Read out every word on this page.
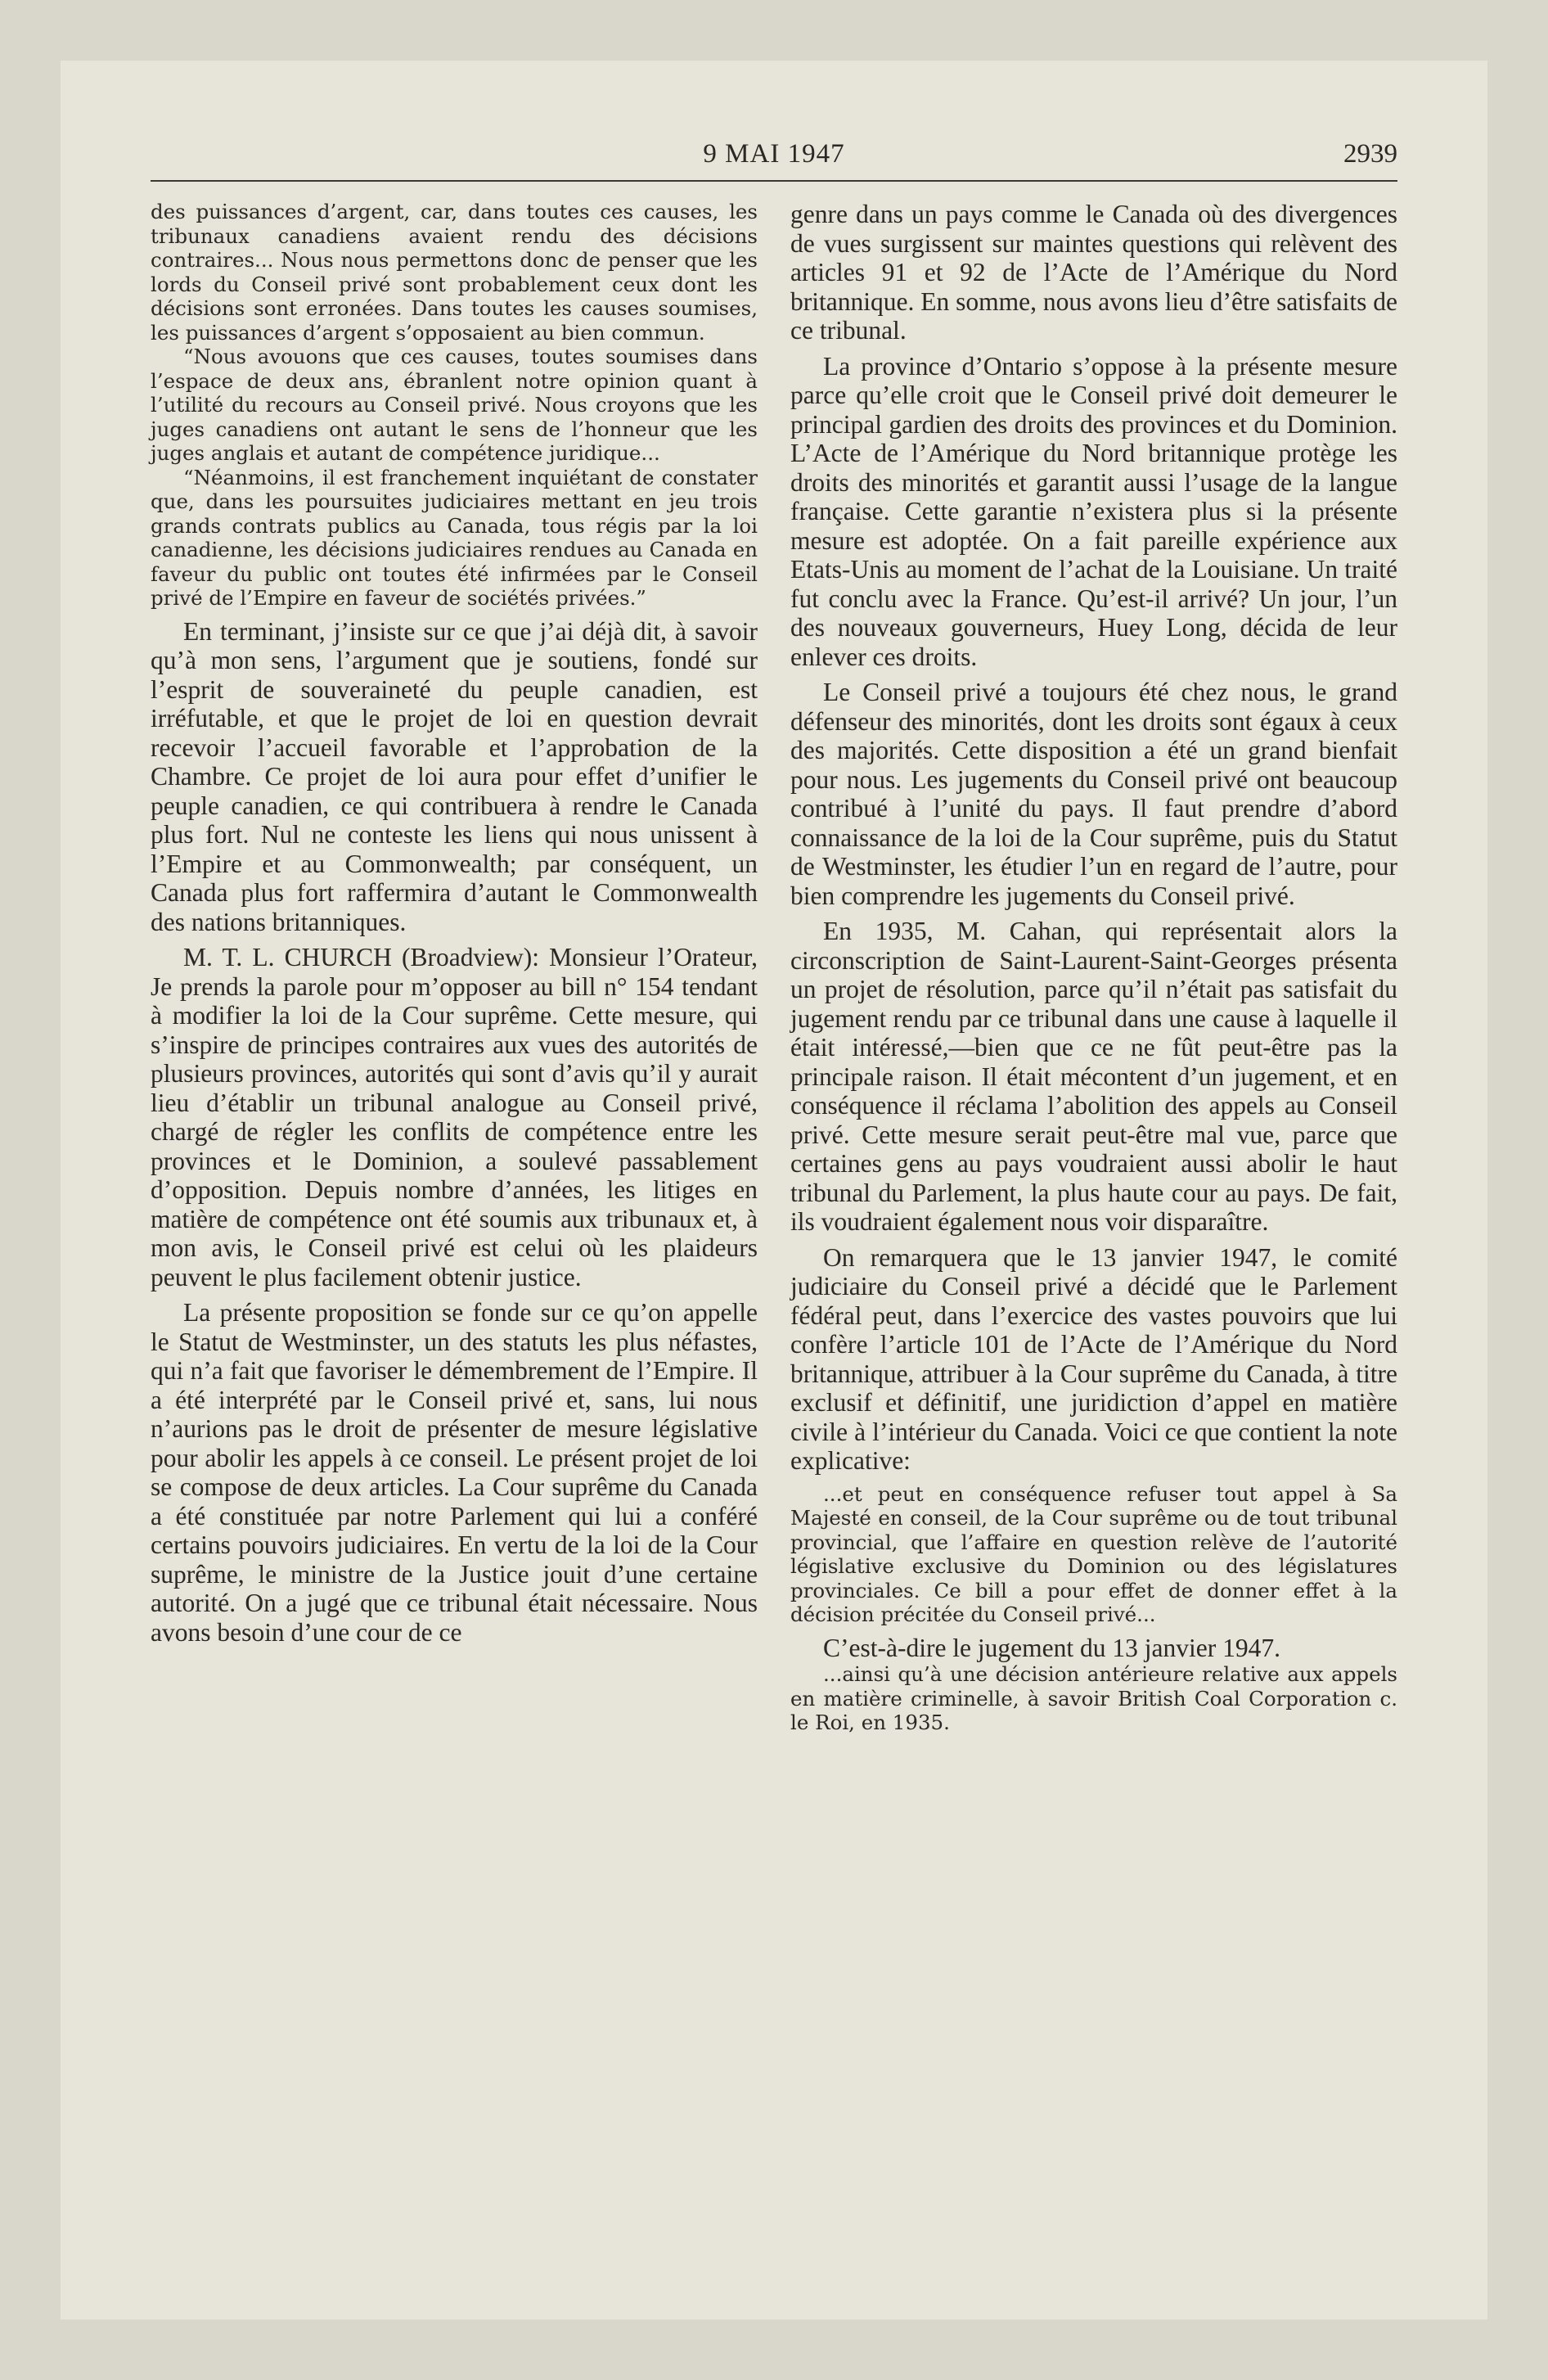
9 MAI 1947	2939

des puissances d’argent, car, dans toutes ces causes, les tribunaux canadiens avaient rendu des décisions contraires... Nous nous permettons donc de penser que les lords du Conseil privé sont probablement ceux dont les décisions sont erronées. Dans toutes les causes soumises, les puissances d’argent s’opposaient au bien commun.

“Nous avouons que ces causes, toutes soumises dans l’espace de deux ans, ébranlent notre opinion quant à l’utilité du recours au Conseil privé. Nous croyons que les juges canadiens ont autant le sens de l’honneur que les juges anglais et autant de compétence juridique...

“Néanmoins, il est franchement inquiétant de constater que, dans les poursuites judiciaires mettant en jeu trois grands contrats publics au Canada, tous régis par la loi canadienne, les décisions judiciaires rendues au Canada en faveur du public ont toutes été infirmées par le Conseil privé de l’Empire en faveur de sociétés privées.”

En terminant, j’insiste sur ce que j’ai déjà dit, à savoir qu’à mon sens, l’argument que je soutiens, fondé sur l’esprit de souveraineté du peuple canadien, est irréfutable, et que le projet de loi en question devrait recevoir l’accueil favorable et l’approbation de la Chambre. Ce projet de loi aura pour effet d’unifier le peuple canadien, ce qui contribuera à rendre le Canada plus fort. Nul ne conteste les liens qui nous unissent à l’Empire et au Commonwealth; par conséquent, un Canada plus fort raffermira d’autant le Commonwealth des nations britanniques.

M. T. L. CHURCH (Broadview): Monsieur l’Orateur, Je prends la parole pour m’opposer au bill n° 154 tendant à modifier la loi de la Cour suprême. Cette mesure, qui s’inspire de principes contraires aux vues des autorités de plusieurs provinces, autorités qui sont d’avis qu’il y aurait lieu d’établir un tribunal analogue au Conseil privé, chargé de régler les conflits de compétence entre les provinces et le Dominion, a soulevé passablement d’opposition. Depuis nombre d’années, les litiges en matière de compétence ont été soumis aux tribunaux et, à mon avis, le Conseil privé est celui où les plaideurs peuvent le plus facilement obtenir justice.

La présente proposition se fonde sur ce qu’on appelle le Statut de Westminster, un des statuts les plus néfastes, qui n’a fait que favoriser le démembrement de l’Empire. Il a été interprété par le Conseil privé et, sans, lui nous n’aurions pas le droit de présenter de mesure législative pour abolir les appels à ce conseil. Le présent projet de loi se compose de deux articles. La Cour suprême du Canada a été constituée par notre Parlement qui lui a conféré certains pouvoirs judiciaires. En vertu de la loi de la Cour suprême, le ministre de la Justice jouit d’une certaine autorité. On a jugé que ce tribunal était nécessaire. Nous avons besoin d’une cour de ce

genre dans un pays comme le Canada où des divergences de vues surgissent sur maintes questions qui relèvent des articles 91 et 92 de l’Acte de l’Amérique du Nord britannique. En somme, nous avons lieu d’être satisfaits de ce tribunal.

La province d’Ontario s’oppose à la présente mesure parce qu’elle croit que le Conseil privé doit demeurer le principal gardien des droits des provinces et du Dominion. L’Acte de l’Amérique du Nord britannique protège les droits des minorités et garantit aussi l’usage de la langue française. Cette garantie n’existera plus si la présente mesure est adoptée. On a fait pareille expérience aux Etats-Unis au moment de l’achat de la Louisiane. Un traité fut conclu avec la France. Qu’est-il arrivé? Un jour, l’un des nouveaux gouverneurs, Huey Long, décida de leur enlever ces droits.

Le Conseil privé a toujours été chez nous, le grand défenseur des minorités, dont les droits sont égaux à ceux des majorités. Cette disposition a été un grand bienfait pour nous. Les jugements du Conseil privé ont beaucoup contribué à l’unité du pays. Il faut prendre d’abord connaissance de la loi de la Cour suprême, puis du Statut de Westminster, les étudier l’un en regard de l’autre, pour bien comprendre les jugements du Conseil privé.

En 1935, M. Cahan, qui représentait alors la circonscription de Saint-Laurent-Saint-Georges présenta un projet de résolution, parce qu’il n’était pas satisfait du jugement rendu par ce tribunal dans une cause à laquelle il était intéressé,—bien que ce ne fût peut-être pas la principale raison. Il était mécontent d’un jugement, et en conséquence il réclama l’abolition des appels au Conseil privé. Cette mesure serait peut-être mal vue, parce que certaines gens au pays voudraient aussi abolir le haut tribunal du Parlement, la plus haute cour au pays. De fait, ils voudraient également nous voir disparaître.

On remarquera que le 13 janvier 1947, le comité judiciaire du Conseil privé a décidé que le Parlement fédéral peut, dans l’exercice des vastes pouvoirs que lui confère l’article 101 de l’Acte de l’Amérique du Nord britannique, attribuer à la Cour suprême du Canada, à titre exclusif et définitif, une juridiction d’appel en matière civile à l’intérieur du Canada. Voici ce que contient la note explicative:

...et peut en conséquence refuser tout appel à Sa Majesté en conseil, de la Cour suprême ou de tout tribunal provincial, que l’affaire en question relève de l’autorité législative exclusive du Dominion ou des législatures provinciales. Ce bill a pour effet de donner effet à la décision précitée du Conseil privé...

C’est-à-dire le jugement du 13 janvier 1947.

...ainsi qu’à une décision antérieure relative aux appels en matière criminelle, à savoir British Coal Corporation c. le Roi, en 1935.
